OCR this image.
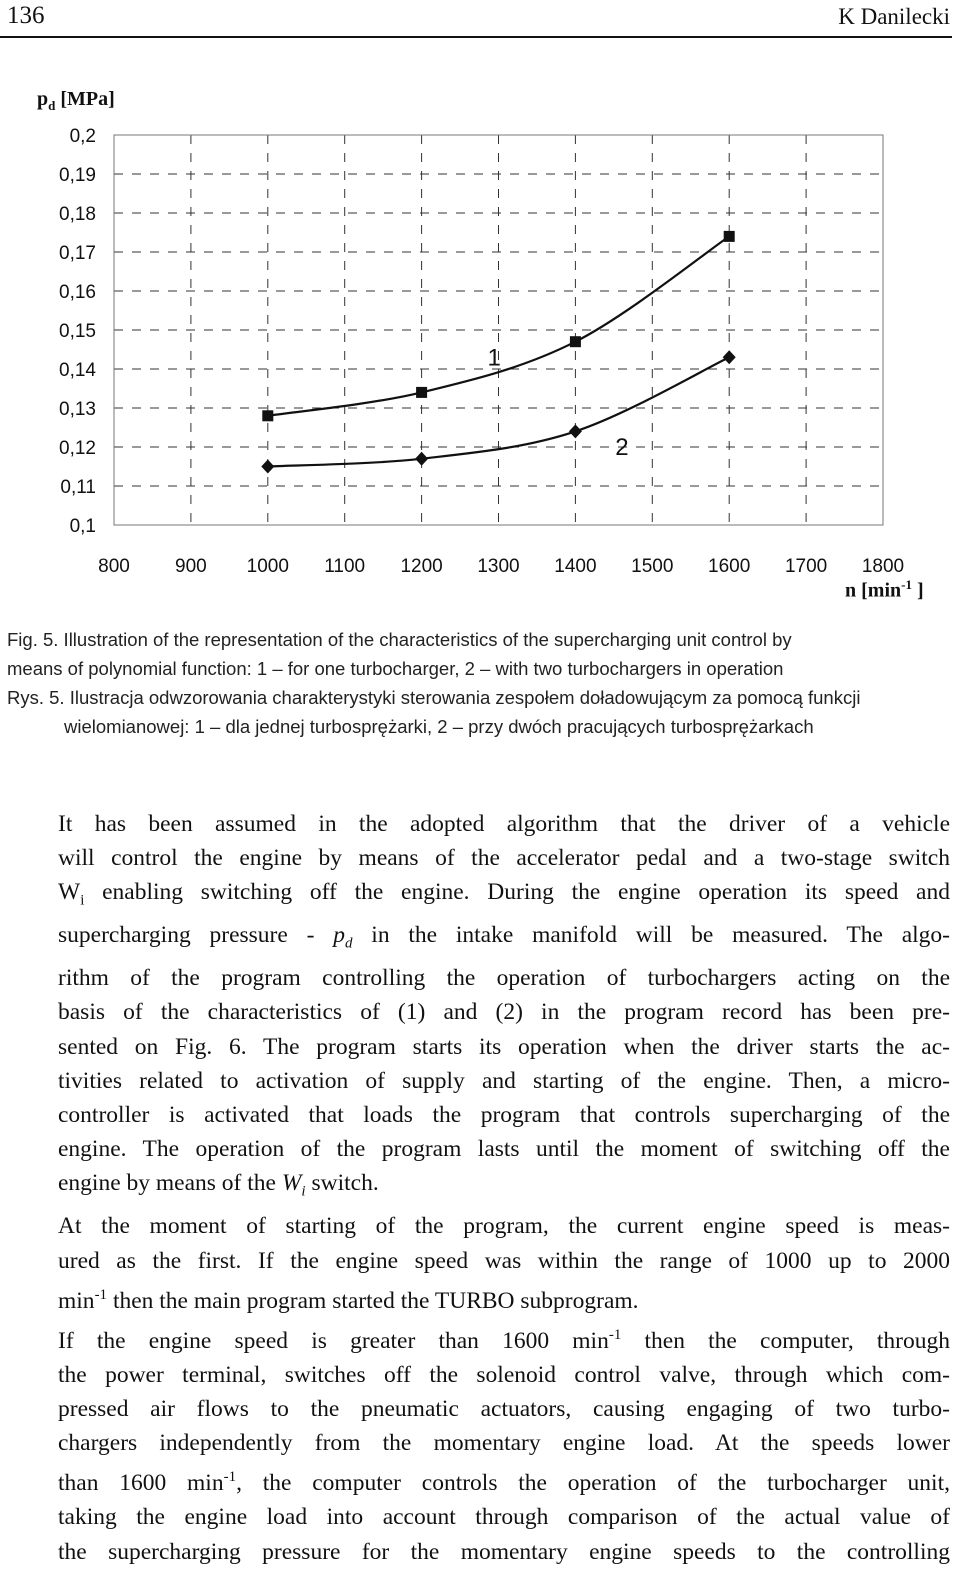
136	K Danilecki
$p_d$ [MPa]
800 900 1000 1100 1200 1300 1400 1500 1600 1700 1800
0,1
0,11
0,12
0,13
0,14
0,15
0,16
0,17
0,18
0,19
0,2
1
2
n [$\min^{-1}$ ]
Fig. 5. Illustration of the representation of the characteristics of the supercharging unit control by
means of polynomial function: 1 – for one turbocharger, 2 – with two turbochargers in operation
Rys. 5. Ilustracja odwzorowania charakterystyki sterowania zespołem doładowującym za pomocą funkcji
wielomianowej: 1 – dla jednej turbosprężarki, 2 – przy dwóch pracujących turbosprężarkach

It has been assumed in the adopted algorithm that the driver of a vehicle
will control the engine by means of the accelerator pedal and a two-stage switch
$W_i$ enabling switching off the engine. During the engine operation its speed and
supercharging pressure - $p_d$ in the intake manifold will be measured. The algo-
rithm of the program controlling the operation of turbochargers acting on the
basis of the characteristics of (1) and (2) in the program record has been pre-
sented on Fig. 6. The program starts its operation when the driver starts the ac-
tivities related to activation of supply and starting of the engine. Then, a micro-
controller is activated that loads the program that controls supercharging of the
engine. The operation of the program lasts until the moment of switching off the
engine by means of the $W_i$ switch.

At the moment of starting of the program, the current engine speed is meas-
ured as the first. If the engine speed was within the range of 1000 up to 2000
$\min^{-1}$ then the main program started the TURBO subprogram.

If the engine speed is greater than 1600 $\min^{-1}$ then the computer, through
the power terminal, switches off the solenoid control valve, through which com-
pressed air flows to the pneumatic actuators, causing engaging of two turbo-
chargers independently from the momentary engine load. At the speeds lower
than 1600 $\min^{-1}$, the computer controls the operation of the turbocharger unit,
taking the engine load into account through comparison of the actual value of
the supercharging pressure for the momentary engine speeds to the controlling
